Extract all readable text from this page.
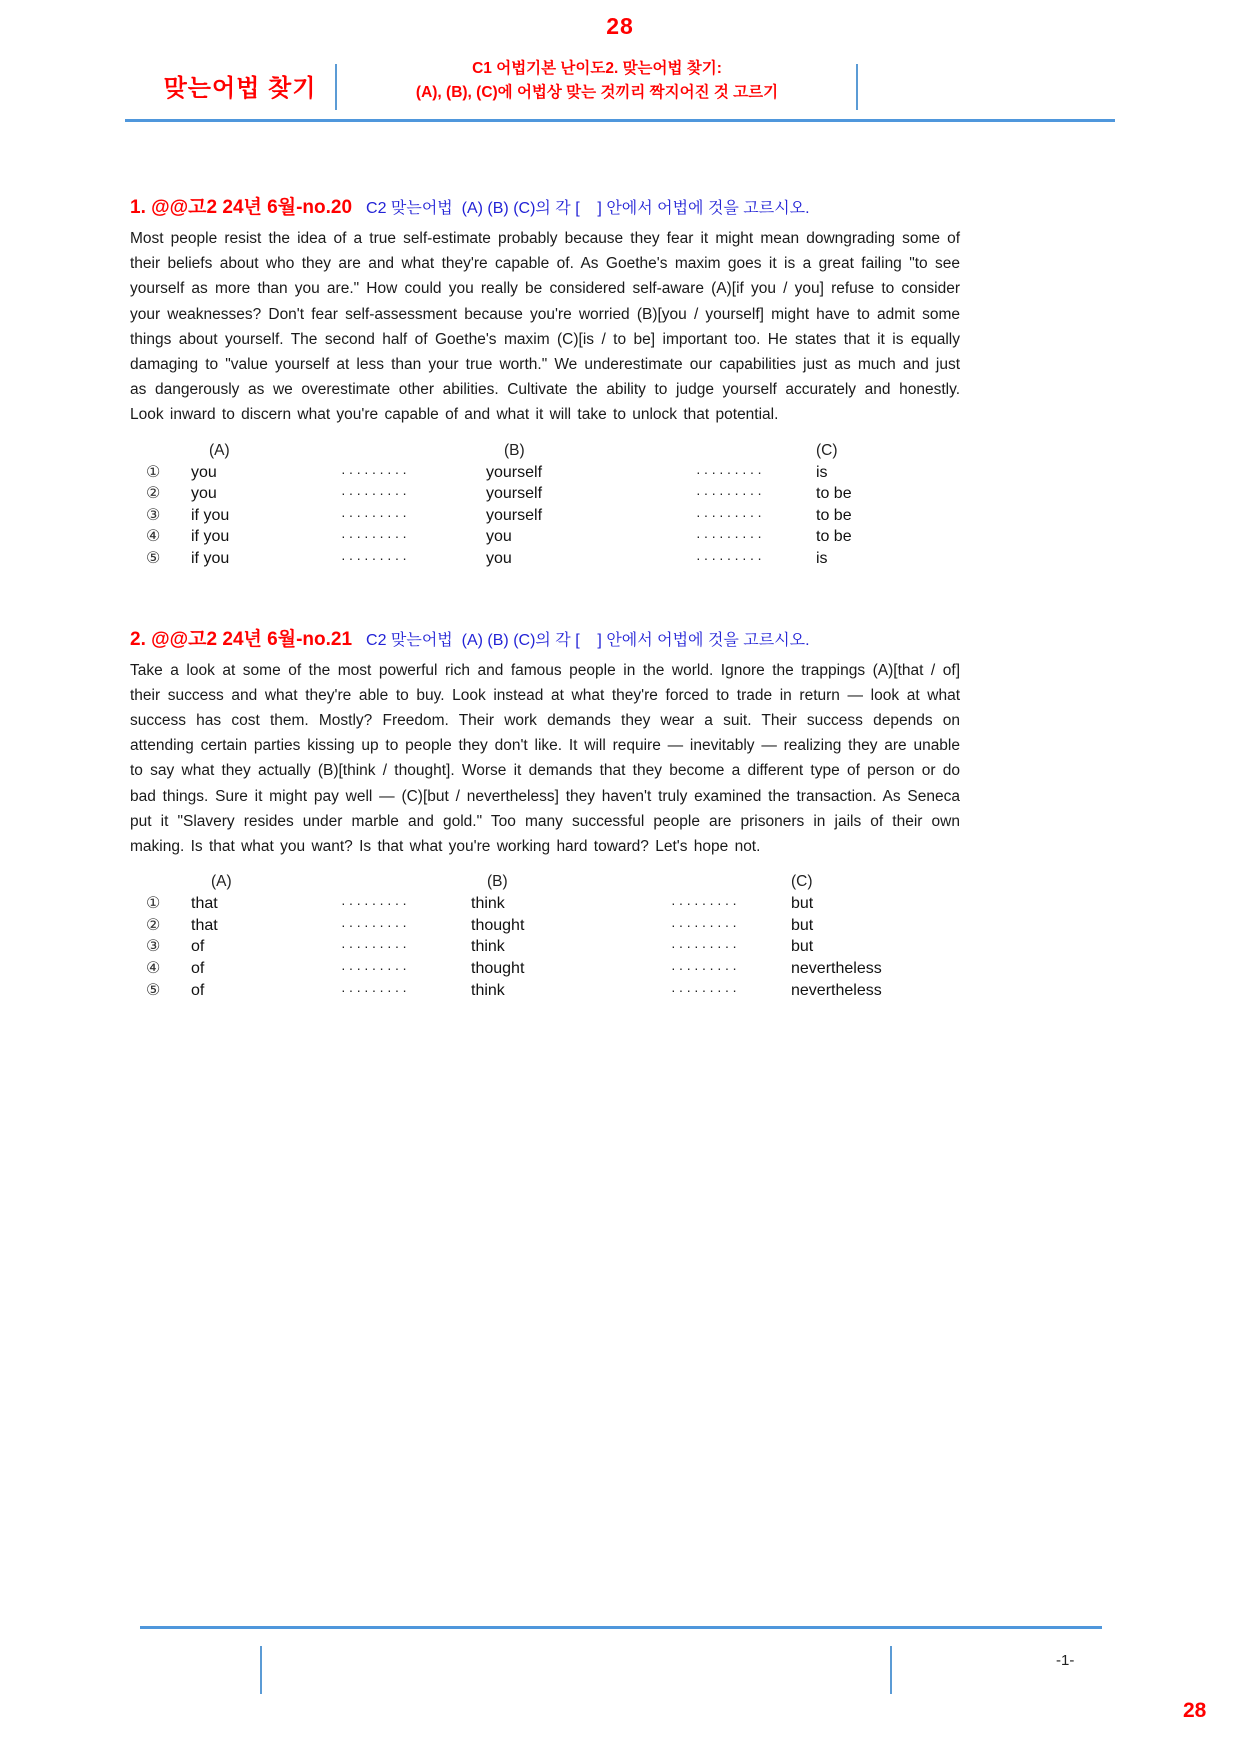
28
맞는어법 찾기
C1 어법기본 난이도2. 맞는어법 찾기:
(A), (B), (C)에 어법상 맞는 것끼리 짝지어진 것 고르기
1. @@고2 24년 6월-no.20 C2 맞는어법  (A) (B) (C)의 각 [    ] 안에서 어법에 것을 고르시오.

Most people resist the idea of a true self-estimate probably because they fear it might mean downgrading some of their beliefs about who they are and what they're capable of. As Goethe's maxim goes it is a great failing "to see yourself as more than you are." How could you really be considered self-aware (A)[if you / you] refuse to consider your weaknesses? Don't fear self-assessment because you're worried (B)[you / yourself] might have to admit some things about yourself. The second half of Goethe's maxim (C)[is / to be] important too. He states that it is equally damaging to "value yourself at less than your true worth." We underestimate our capabilities just as much and just as dangerously as we overestimate other abilities. Cultivate the ability to judge yourself accurately and honestly. Look inward to discern what you're capable of and what it will take to unlock that potential.

(A)	(B)	(C)
①	you	·········	yourself	·········	is
②	you	·········	yourself	·········	to be
③	if you	·········	yourself	·········	to be
④	if you	·········	you	·········	to be
⑤	if you	·········	you	·········	is
2. @@고2 24년 6월-no.21 C2 맞는어법  (A) (B) (C)의 각 [    ] 안에서 어법에 것을 고르시오.

Take a look at some of the most powerful rich and famous people in the world. Ignore the trappings (A)[that / of] their success and what they're able to buy. Look instead at what they're forced to trade in return — look at what success has cost them. Mostly? Freedom. Their work demands they wear a suit. Their success depends on attending certain parties kissing up to people they don't like. It will require — inevitably — realizing they are unable to say what they actually (B)[think / thought]. Worse it demands that they become a different type of person or do bad things. Sure it might pay well — (C)[but / nevertheless] they haven't truly examined the transaction. As Seneca put it "Slavery resides under marble and gold." Too many successful people are prisoners in jails of their own making. Is that what you want? Is that what you're working hard toward? Let's hope not.

(A)	(B)	(C)
①	that	·········	think	·········	but
②	that	·········	thought	·········	but
③	of	·········	think	·········	but
④	of	·········	thought	·········	nevertheless
⑤	of	·········	think	·········	nevertheless
-1-
28
